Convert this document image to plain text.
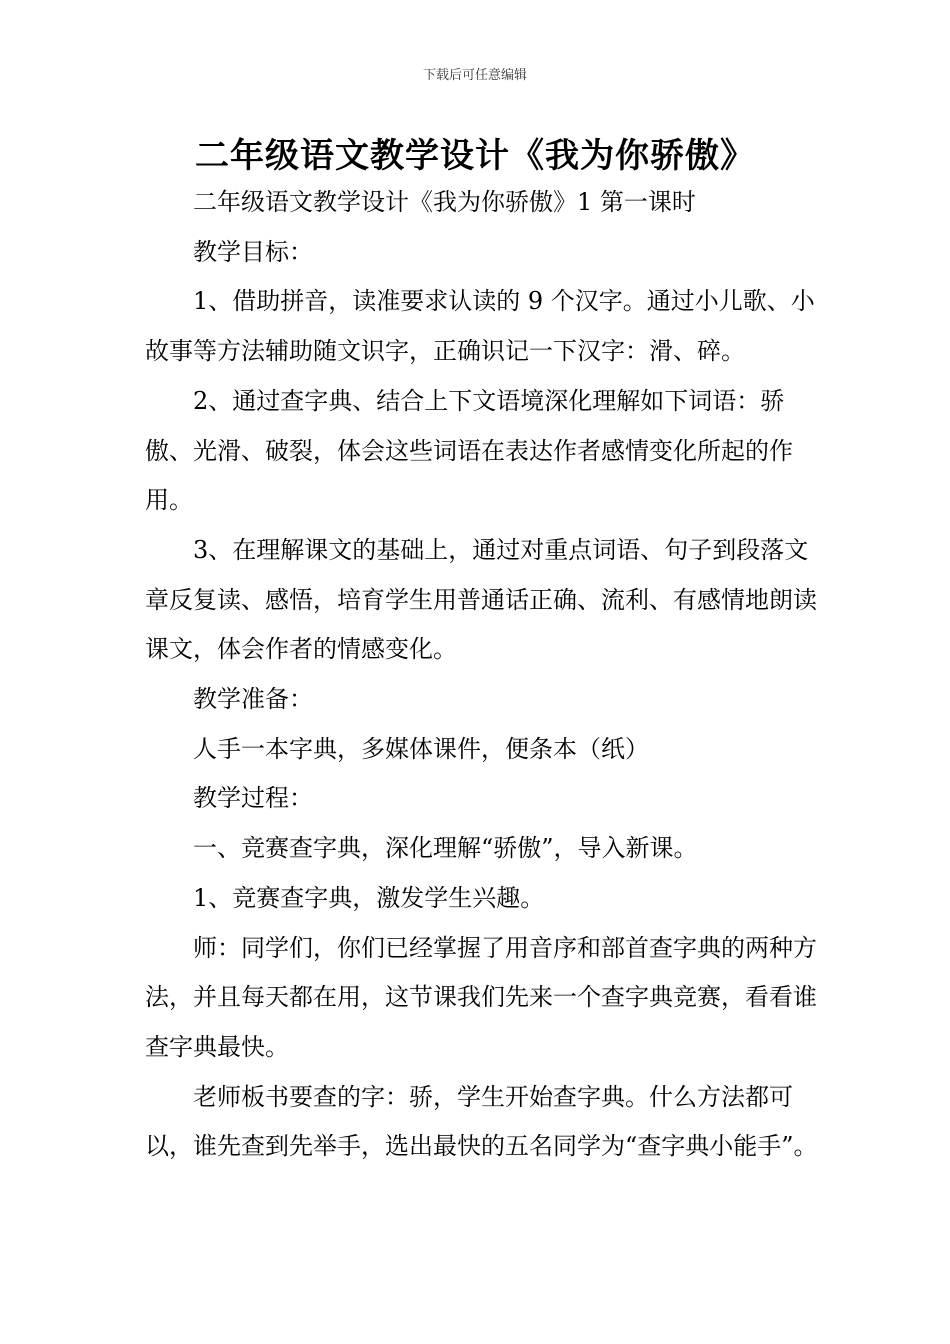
下载后可任意编辑
二年级语文教学设计《我为你骄傲》

二年级语文教学设计《我为你骄傲》1 第一课时

教学目标：

1、借助拼音，读准要求认读的 9 个汉字。通过小儿歌、小故事等方法辅助随文识字，正确识记一下汉字：滑、碎。

2、通过查字典、结合上下文语境深化理解如下词语：骄傲、光滑、破裂，体会这些词语在表达作者感情变化所起的作用。

3、在理解课文的基础上，通过对重点词语、句子到段落文章反复读、感悟，培育学生用普通话正确、流利、有感情地朗读课文，体会作者的情感变化。

教学准备：

人手一本字典，多媒体课件，便条本（纸）

教学过程：

一、竞赛查字典，深化理解“骄傲”，导入新课。

1、竞赛查字典，激发学生兴趣。

师：同学们，你们已经掌握了用音序和部首查字典的两种方法，并且每天都在用，这节课我们先来一个查字典竞赛，看看谁查字典最快。

老师板书要查的字：骄，学生开始查字典。什么方法都可以，谁先查到先举手，选出最快的五名同学为“查字典小能手”。
